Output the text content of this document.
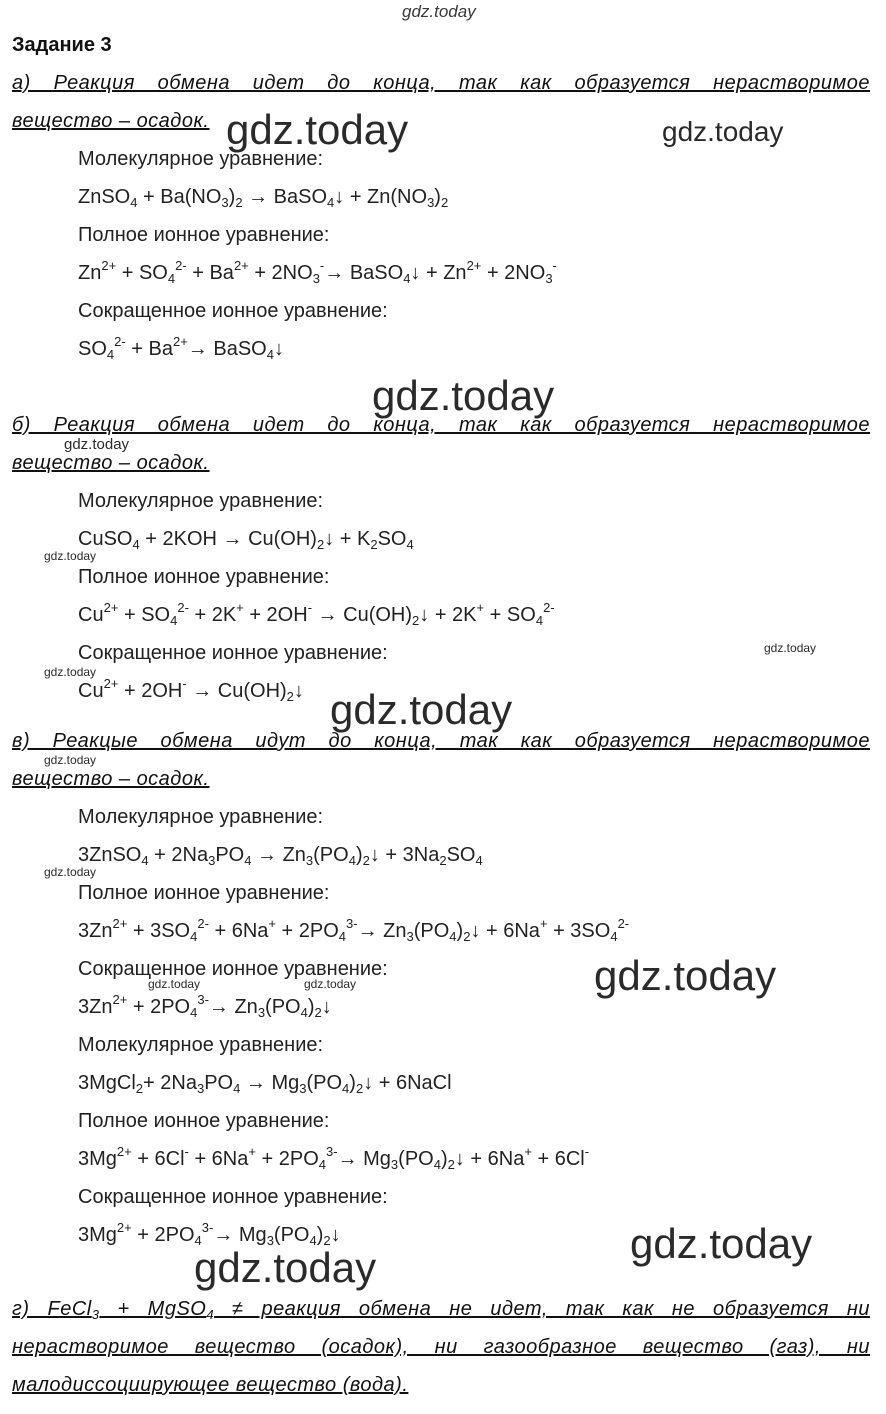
gdz.today
gdz.today	gdz.today
gdz.today
gdz.today
gdz.today
gdz.today
gdz.today
gdz.today
gdz.today
gdz.today
gdz.today
gdz.today	gdz.today
gdz.today
gdz.today
Задание 3
а) Реакция обмена идет до конца, так как образуется нерастворимое
вещество – осадок.
Молекулярное уравнение:
ZnSO$_4$ + $Ba(NO_3)_2$ → BaSO$_4$↓ + $Zn(NO_3)_2$
Полное ионное уравнение:
$Zn^{2+} + SO_4^{2-} + Ba^{2+} + 2NO_3^-\to$ BaSO$_4$↓ + $Zn^{2+} + 2NO_3^-$
Сокращенное ионное уравнение:
$SO_4^{2-} + Ba^{2+}\to$ BaSO$_4$↓
б) Реакция обмена идет до конца, так как образуется нерастворимое
вещество – осадок.
Молекулярное уравнение:
CuSO$_4$ + $2KOH \to Cu(OH)_2↓ + K_2SO_4$
Полное ионное уравнение:
$Cu^{2+} + SO_4^{2-} + 2K^+ + 2OH^-$ → $Cu(OH)_2↓ + 2K^+ + SO_4^{2-}$
Сокращенное ионное уравнение:
$Cu^{2+} + 2OH^-$ → $Cu(OH)_2↓$
в) Реакцые обмена идут до конца, так как образуется нерастворимое
вещество – осадок.
Молекулярное уравнение:
3ZnSO$_4$ + $2Na_3PO_4$ → $Zn_3(PO_4)_2↓ + 3Na_2SO_4$
Полное ионное уравнение:
$3Zn^{2+} + 3SO_4^{2-} + 6Na^+ + 2PO_4^{3-}\to$ $Zn_3(PO_4)_2↓ + 6Na^+ + 3SO_4^{2-}$
Сокращенное ионное уравнение:
$3Zn^{2+} + 2PO_4^{3-}\to$ $Zn_3(PO_4)_2↓$
Молекулярное уравнение:
3MgCl$_2$+ $2Na_3PO_4$ → $Mg_3(PO_4)_2↓$ + 6NaCl
Полное ионное уравнение:
$3Mg^{2+} + 6Cl^- + 6Na^+ + 2PO_4^{3-}\to$ $Mg_3(PO_4)_2↓ + 6Na^+ + 6Cl^-$
Сокращенное ионное уравнение:
$3Mg^{2+} + 2PO_4^{3-}\to$ $Mg_3(PO_4)_2↓$
г) FeCl$_3$ + MgSO$_4$ ≠ реакция обмена не идет, так как не образуется ни
нерастворимое вещество (осадок), ни газообразное вещество (газ), ни
малодиссоциирующее вещество (вода).
